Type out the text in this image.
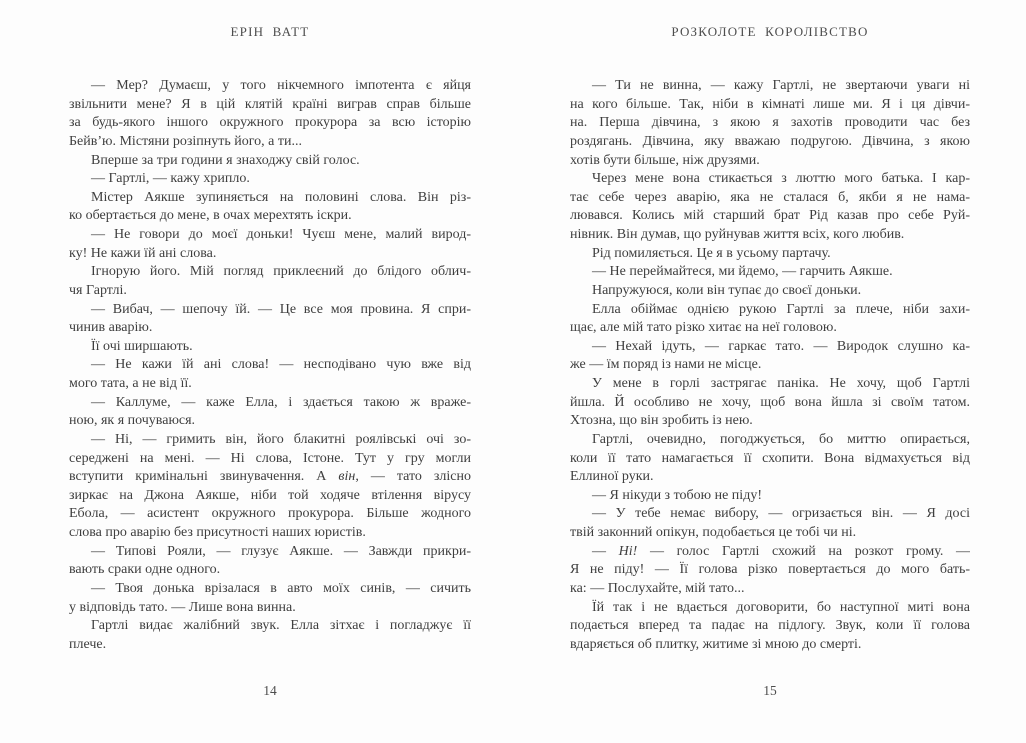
ЕРІН ВАТТ

— Мер? Думаєш, у того нікчемного імпотента є яйця
звільнити мене? Я в цій клятій країні виграв справ більше
за будь-якого іншого окружного прокурора за всю історію
Бейв’ю. Містяни розіпнуть його, а ти...

Вперше за три години я знаходжу свій голос.

— Гартлі, — кажу хрипло.

Містер Аякше зупиняється на половині слова. Він різ-
ко обертається до мене, в очах мерехтять іскри.

— Не говори до моєї доньки! Чуєш мене, малий вирод-
ку! Не кажи їй ані слова.

Ігнорую його. Мій погляд приклеєний до блідого облич-
чя Гартлі.

— Вибач, — шепочу їй. — Це все моя провина. Я спри-
чинив аварію.

Її очі ширшають.

— Не кажи їй ані слова! — несподівано чую вже від
мого тата, а не від її.

— Каллуме, — каже Елла, і здається такою ж враже-
ною, як я почуваюся.

— Ні, — гримить він, його блакитні роялівські очі зо-
середжені на мені. — Ні слова, Істоне. Тут у гру могли
вступити кримінальні звинувачення. А він, — тато злісно
зиркає на Джона Аякше, ніби той ходяче втілення вірусу
Ебола, — асистент окружного прокурора. Більше жодного
слова про аварію без присутності наших юристів.

— Типові Рояли, — глузує Аякше. — Завжди прикри-
вають сраки одне одного.

— Твоя донька врізалася в авто моїх синів, — сичить
у відповідь тато. — Лише вона винна.

Гартлі видає жалібний звук. Елла зітхає і погладжує її
плече.

14
РОЗКОЛОТЕ КОРОЛІВСТВО

— Ти не винна, — кажу Гартлі, не звертаючи уваги ні
на кого більше. Так, ніби в кімнаті лише ми. Я і ця дівчи-
на. Перша дівчина, з якою я захотів проводити час без
роздягань. Дівчина, яку вважаю подругою. Дівчина, з якою
хотів бути більше, ніж друзями.

Через мене вона стикається з люттю мого батька. І кар-
тає себе через аварію, яка не сталася б, якби я не нама-
лювався. Колись мій старший брат Рід казав про себе Руй-
нівник. Він думав, що руйнував життя всіх, кого любив.

Рід помиляється. Це я в усьому партачу.

— Не переймайтеся, ми йдемо, — гарчить Аякше.

Напружуюся, коли він тупає до своєї доньки.

Елла обіймає однією рукою Гартлі за плече, ніби захи-
щає, але мій тато різко хитає на неї головою.

— Нехай ідуть, — гаркає тато. — Виродок слушно ка-
же — їм поряд із нами не місце.

У мене в горлі застрягає паніка. Не хочу, щоб Гартлі
йшла. Й особливо не хочу, щоб вона йшла зі своїм татом.
Хтозна, що він зробить із нею.

Гартлі, очевидно, погоджується, бо миттю опирається,
коли її тато намагається її схопити. Вона відмахується від
Еллиної руки.

— Я нікуди з тобою не піду!

— У тебе немає вибору, — огризається він. — Я досі
твій законний опікун, подобається це тобі чи ні.

— Ні! — голос Гартлі схожий на розкот грому. —
Я не піду! — Її голова різко повертається до мого бать-
ка: — Послухайте, мій тато...

Їй так і не вдається договорити, бо наступної миті вона
подається вперед та падає на підлогу. Звук, коли її голова
вдаряється об плитку, житиме зі мною до смерті.

15
